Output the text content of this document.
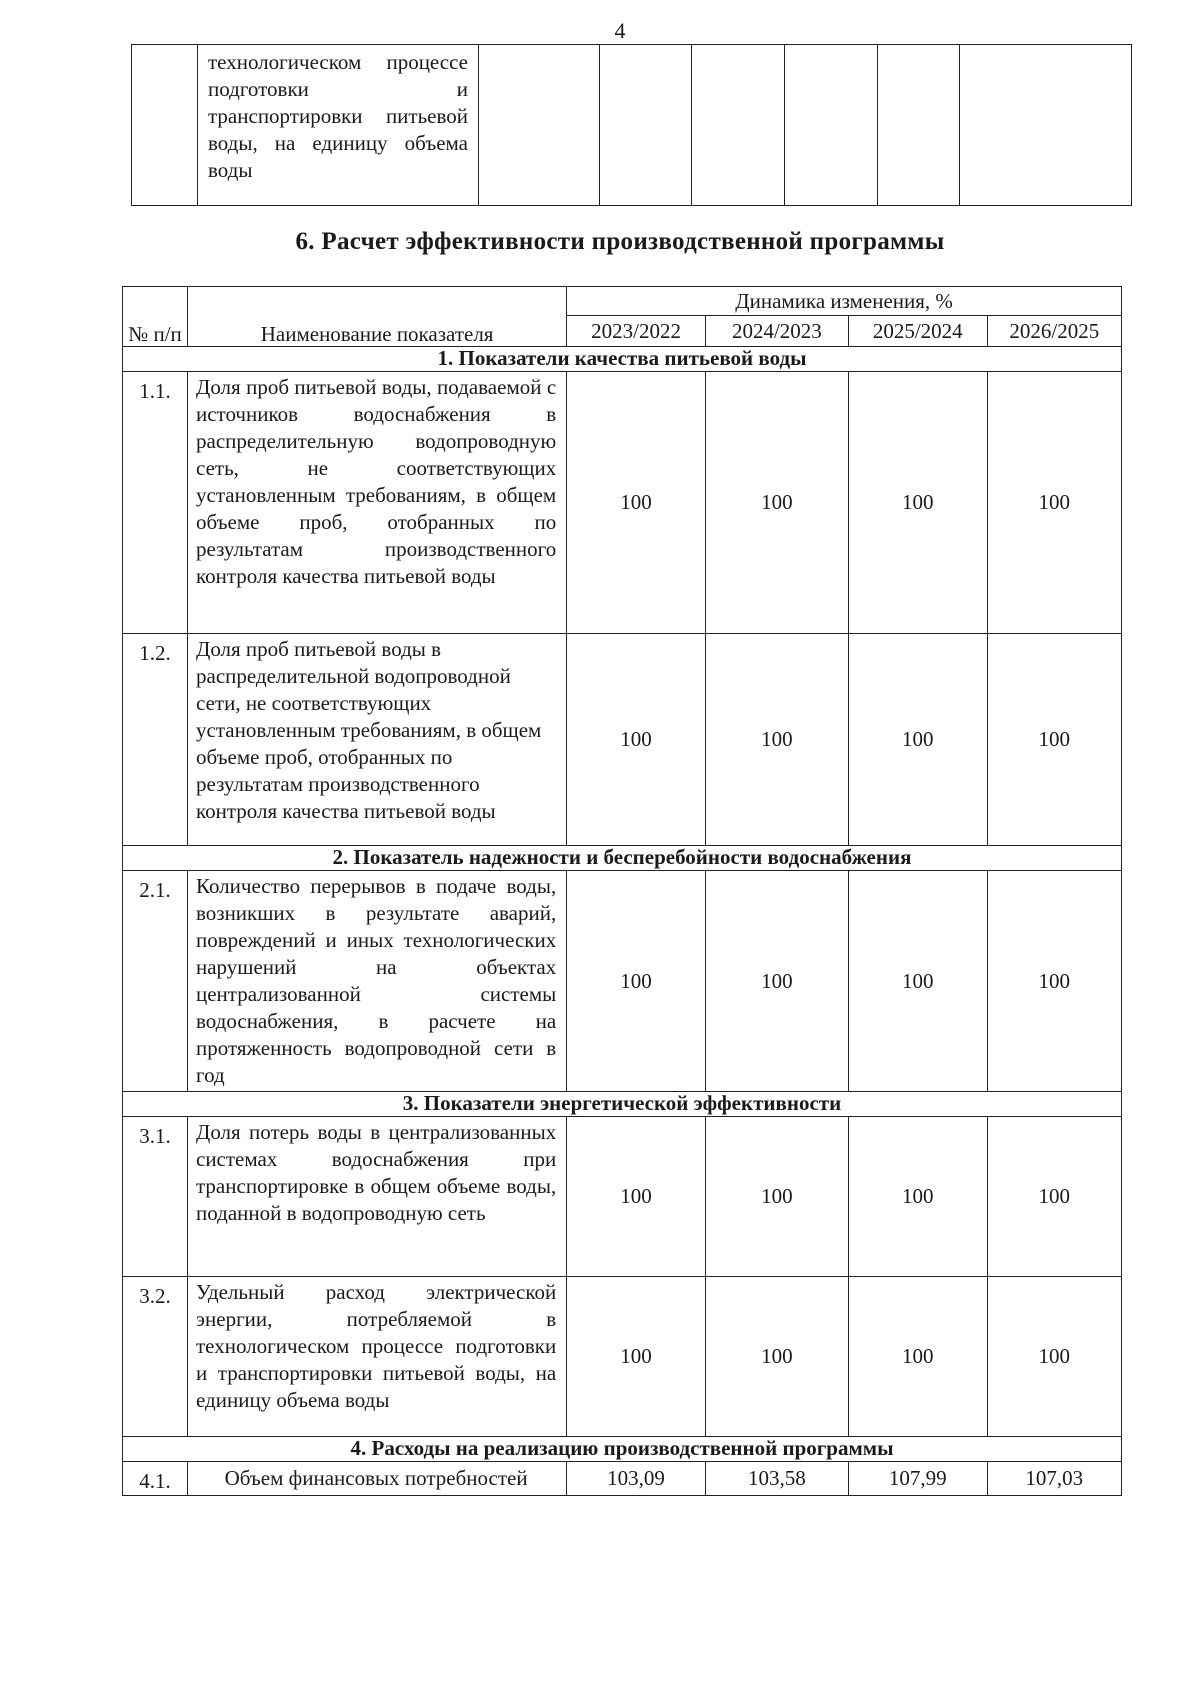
4
	технологическом процессе подготовки и транспортировки питьевой воды, на единицу объема воды						
6. Расчет эффективности производственной программы
№ п/п	Наименование показателя	Динамика изменения, %			
		2023/2022	2024/2023	2025/2024	2026/2025
1. Показатели качества питьевой воды					
1.1.	Доля проб питьевой воды, подаваемой с источников водоснабжения в распределительную водопроводную сеть, не соответствующих установленным требованиям, в общем объеме проб, отобранных по результатам производственного контроля качества питьевой воды	100	100	100	100
1.2.	Доля проб питьевой воды в распределительной водопроводной сети, не соответствующих установленным требованиям, в общем объеме проб, отобранных по результатам производственного контроля качества питьевой воды	100	100	100	100
2. Показатель надежности и бесперебойности водоснабжения					
2.1.	Количество перерывов в подаче воды, возникших в результате аварий, повреждений и иных технологических нарушений на объектах централизованной системы водоснабжения, в расчете на протяженность водопроводной сети в год	100	100	100	100
3. Показатели энергетической эффективности					
3.1.	Доля потерь воды в централизованных системах водоснабжения при транспортировке в общем объеме воды, поданной в водопроводную сеть	100	100	100	100
3.2.	Удельный расход электрической энергии, потребляемой в технологическом процессе подготовки и транспортировки питьевой воды, на единицу объема воды	100	100	100	100
4. Расходы на реализацию производственной программы					
4.1.	Объем финансовых потребностей	103,09	103,58	107,99	107,03
